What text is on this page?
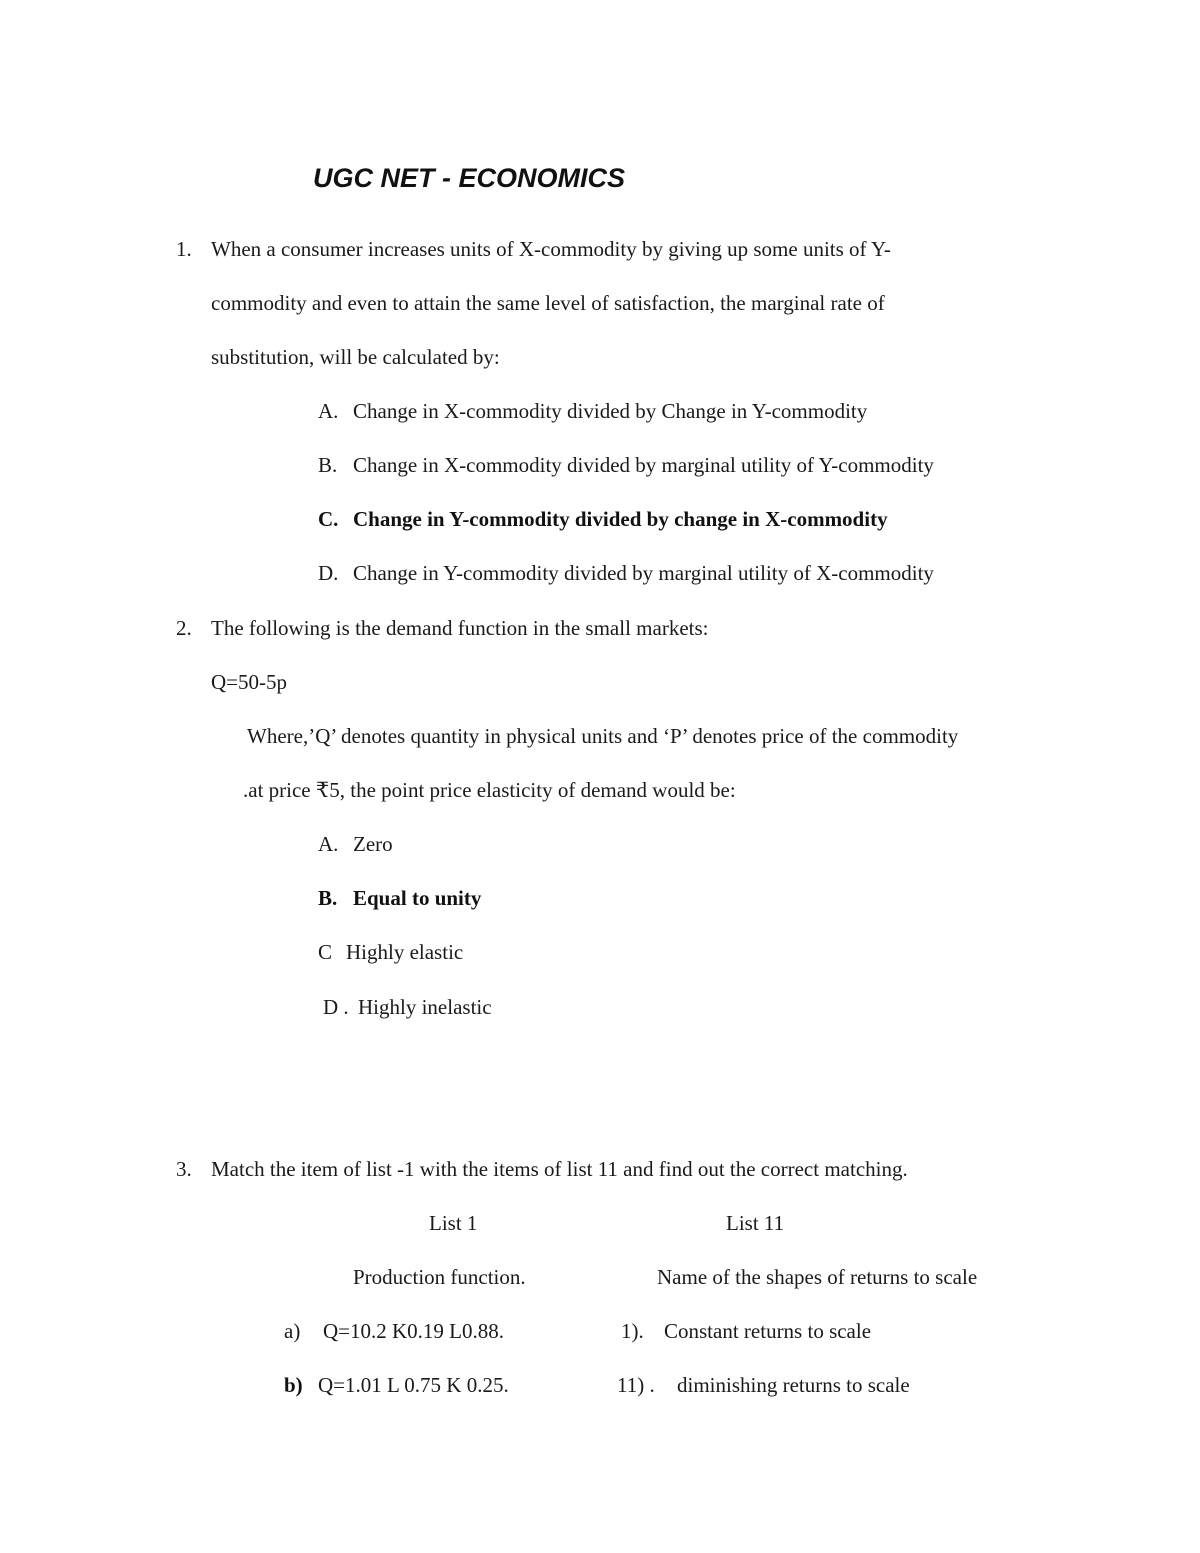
UGC NET - ECONOMICS
1. When a consumer increases units of X-commodity by giving up some units of Y-
commodity and even to attain the same level of satisfaction, the marginal rate of
substitution, will be calculated by:
A. Change in X-commodity divided by Change in Y-commodity
B. Change in X-commodity divided by marginal utility of Y-commodity
C. Change in Y-commodity divided by change in X-commodity
D. Change in Y-commodity divided by marginal utility of X-commodity
2. The following is the demand function in the small markets:
Q=50-5p
Where,’Q’ denotes quantity in physical units and ‘P’ denotes price of the commodity
.at price ₹5, the point price elasticity of demand would be:
A. Zero
B. Equal to unity
C Highly elastic
D . Highly inelastic
3. Match the item of list -1 with the items of list 11 and find out the correct matching.
List 1	List 11
Production function.	Name of the shapes of returns to scale
a) Q=10.2 K0.19 L0.88.	1). Constant returns to scale
b) Q=1.01 L 0.75 K 0.25.	11) . diminishing returns to scale
